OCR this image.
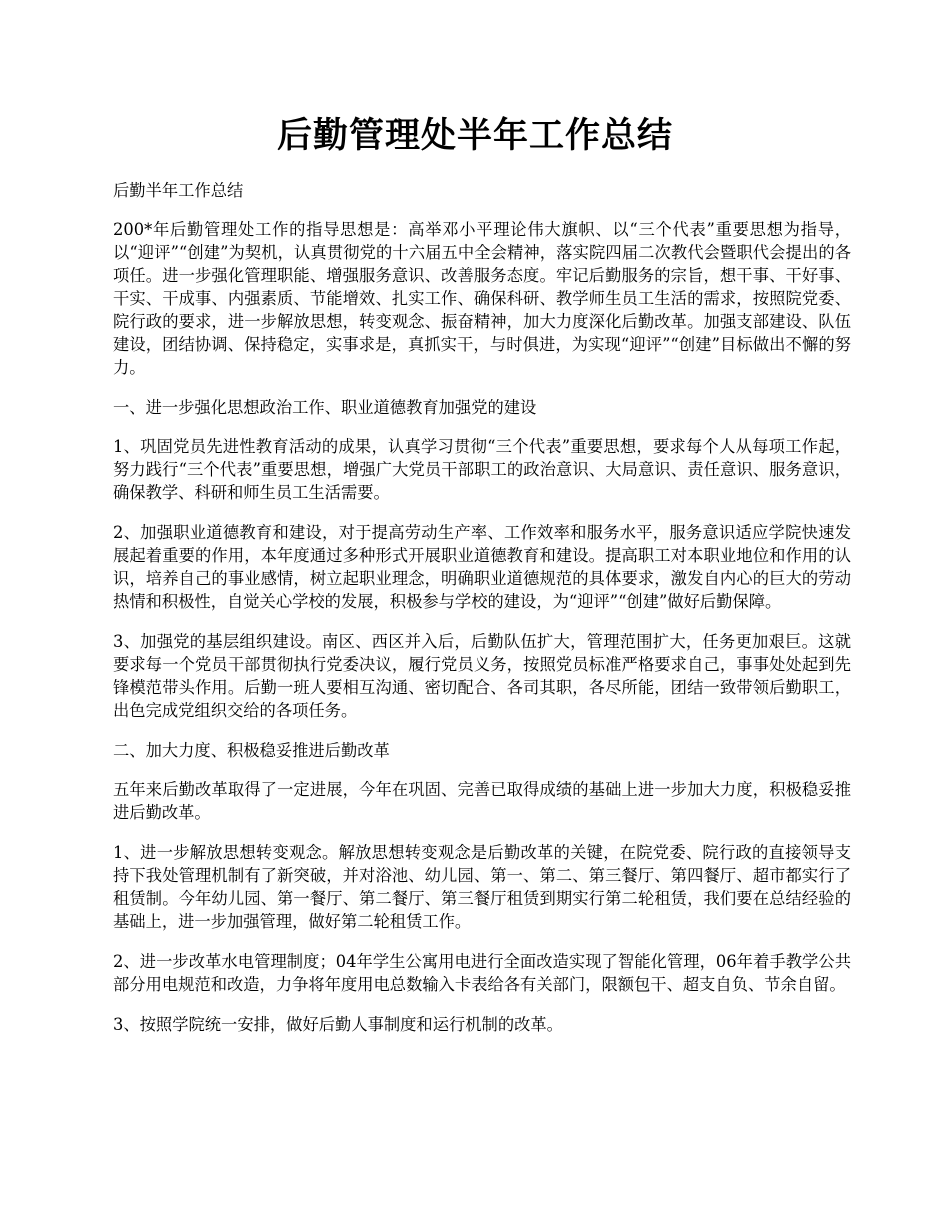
后勤管理处半年工作总结

后勤半年工作总结

200*年后勤管理处工作的指导思想是：高举邓小平理论伟大旗帜、以“三个代表”重要思想为指导，以“迎评”“创建”为契机，认真贯彻党的十六届五中全会精神，落实院四届二次教代会暨职代会提出的各项任。进一步强化管理职能、增强服务意识、改善服务态度。牢记后勤服务的宗旨，想干事、干好事、干实、干成事、内强素质、节能增效、扎实工作、确保科研、教学师生员工生活的需求，按照院党委、院行政的要求，进一步解放思想，转变观念、振奋精神，加大力度深化后勤改革。加强支部建设、队伍建设，团结协调、保持稳定，实事求是，真抓实干，与时俱进，为实现“迎评”“创建”目标做出不懈的努力。

一、进一步强化思想政治工作、职业道德教育加强党的建设

1、巩固党员先进性教育活动的成果，认真学习贯彻“三个代表”重要思想，要求每个人从每项工作起，努力践行“三个代表”重要思想，增强广大党员干部职工的政治意识、大局意识、责任意识、服务意识，确保教学、科研和师生员工生活需要。

2、加强职业道德教育和建设，对于提高劳动生产率、工作效率和服务水平，服务意识适应学院快速发展起着重要的作用，本年度通过多种形式开展职业道德教育和建设。提高职工对本职业地位和作用的认识，培养自己的事业感情，树立起职业理念，明确职业道德规范的具体要求，激发自内心的巨大的劳动热情和积极性，自觉关心学校的发展，积极参与学校的建设，为“迎评”“创建”做好后勤保障。

3、加强党的基层组织建设。南区、西区并入后，后勤队伍扩大，管理范围扩大，任务更加艰巨。这就要求每一个党员干部贯彻执行党委决议，履行党员义务，按照党员标准严格要求自己，事事处处起到先锋模范带头作用。后勤一班人要相互沟通、密切配合、各司其职，各尽所能，团结一致带领后勤职工，出色完成党组织交给的各项任务。

二、加大力度、积极稳妥推进后勤改革

五年来后勤改革取得了一定进展，今年在巩固、完善已取得成绩的基础上进一步加大力度，积极稳妥推进后勤改革。

1、进一步解放思想转变观念。解放思想转变观念是后勤改革的关键，在院党委、院行政的直接领导支持下我处管理机制有了新突破，并对浴池、幼儿园、第一、第二、第三餐厅、第四餐厅、超市都实行了租赁制。今年幼儿园、第一餐厅、第二餐厅、第三餐厅租赁到期实行第二轮租赁，我们要在总结经验的基础上，进一步加强管理，做好第二轮租赁工作。

2、进一步改革水电管理制度；04年学生公寓用电进行全面改造实现了智能化管理，06年着手教学公共部分用电规范和改造，力争将年度用电总数输入卡表给各有关部门，限额包干、超支自负、节余自留。

3、按照学院统一安排，做好后勤人事制度和运行机制的改革。
